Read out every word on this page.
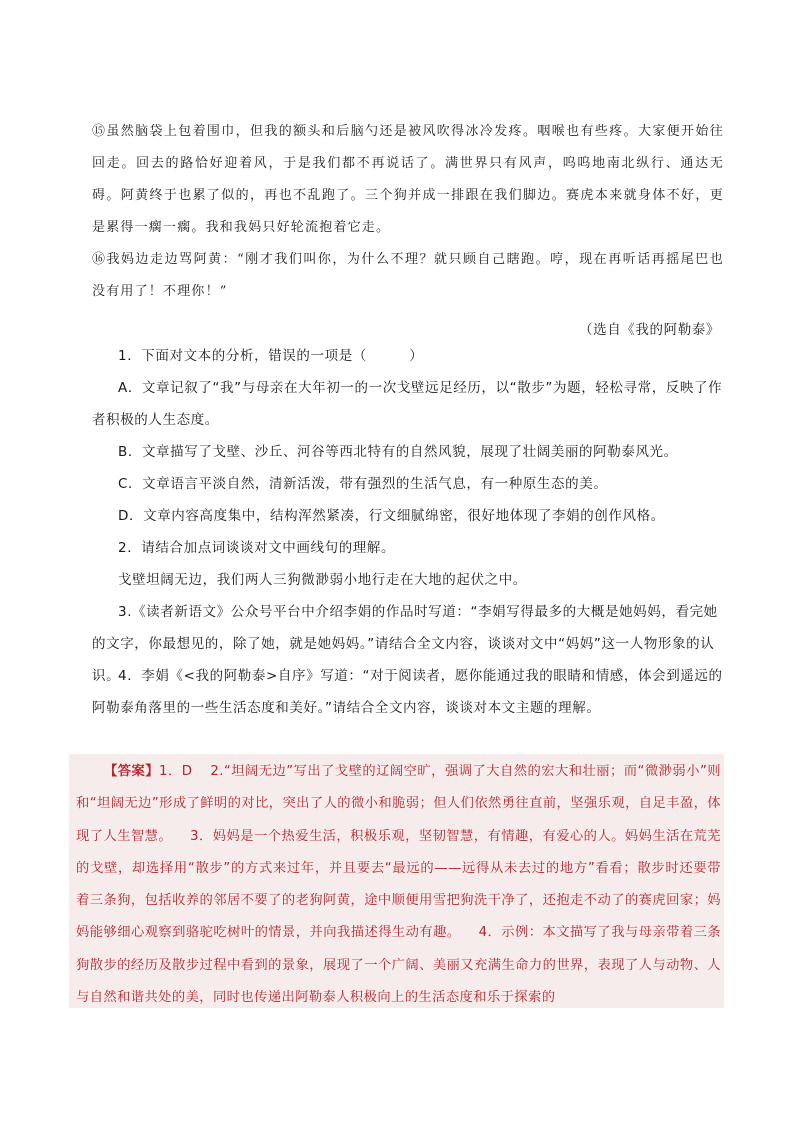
⑮虽然脑袋上包着围巾，但我的额头和后脑勺还是被风吹得冰冷发疼。咽喉也有些疼。大家便开始往回走。回去的路恰好迎着风，于是我们都不再说话了。满世界只有风声，呜呜地南北纵行、通达无碍。阿黄终于也累了似的，再也不乱跑了。三个狗并成一排跟在我们脚边。赛虎本来就身体不好，更是累得一瘸一瘸。我和我妈只好轮流抱着它走。

⑯我妈边走边骂阿黄：“刚才我们叫你，为什么不理？就只顾自己瞎跑。哼，现在再听话再摇尾巴也没有用了！不理你！”

（选自《我的阿勒泰》

1．下面对文本的分析，错误的一项是（　　　）

A．文章记叙了“我”与母亲在大年初一的一次戈壁远足经历，以“散步”为题，轻松寻常，反映了作者积极的人生态度。

B．文章描写了戈壁、沙丘、河谷等西北特有的自然风貌，展现了壮阔美丽的阿勒泰风光。

C．文章语言平淡自然，清新活泼，带有强烈的生活气息，有一种原生态的美。

D．文章内容高度集中，结构浑然紧凑，行文细腻绵密，很好地体现了李娟的创作风格。

2．请结合加点词谈谈对文中画线句的理解。

戈壁坦阔无边，我们两人三狗微渺弱小地行走在大地的起伏之中。

3.《读者新语文》公众号平台中介绍李娟的作品时写道：“李娟写得最多的大概是她妈妈，看完她的文字，你最想见的，除了她，就是她妈妈。”请结合全文内容，谈谈对文中“妈妈”这一人物形象的认识。

4．李娟《<我的阿勒泰>自序》写道：“对于阅读者，愿你能通过我的眼睛和情感，体会到遥远的阿勒泰角落里的一些生活态度和美好。”请结合全文内容，谈谈对本文主题的理解。

【答案】1．D 2.“坦阔无边”写出了戈壁的辽阔空旷，强调了大自然的宏大和壮丽；而“微渺弱小”则和“坦阔无边”形成了鲜明的对比，突出了人的微小和脆弱；但人们依然勇往直前，坚强乐观，自足丰盈，体现了人生智慧。 3．妈妈是一个热爱生活，积极乐观，坚韧智慧，有情趣，有爱心的人。妈妈生活在荒芜的戈壁，却选择用“散步”的方式来过年，并且要去“最远的——远得从未去过的地方”看看；散步时还要带着三条狗，包括收养的邻居不要了的老狗阿黄，途中顺便用雪把狗洗干净了，还抱走不动了的赛虎回家；妈妈能够细心观察到骆驼吃树叶的情景，并向我描述得生动有趣。 4．示例：本文描写了我与母亲带着三条狗散步的经历及散步过程中看到的景象，展现了一个广阔、美丽又充满生命力的世界，表现了人与动物、人与自然和谐共处的美，同时也传递出阿勒泰人积极向上的生活态度和乐于探索的
